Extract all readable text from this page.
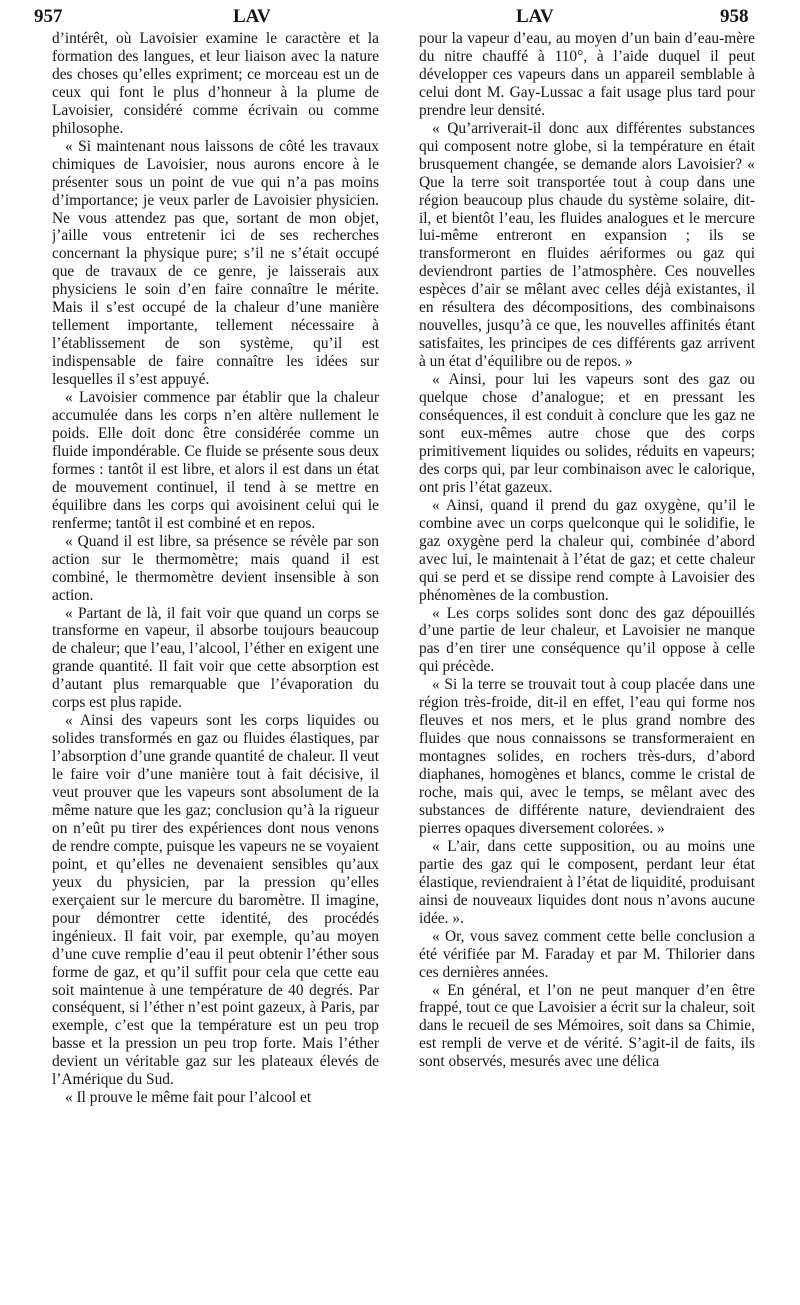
957	LAV	LAV	958

d’intérêt, où Lavoisier examine le caractère et la formation des langues, et leur liaison avec la nature des choses qu’elles expriment; ce morceau est un de ceux qui font le plus d’honneur à la plume de Lavoisier, considéré comme écrivain ou comme philosophe.

« Si maintenant nous laissons de côté les travaux chimiques de Lavoisier, nous aurons encore à le présenter sous un point de vue qui n’a pas moins d’importance; je veux parler de Lavoisier physicien. Ne vous attendez pas que, sortant de mon objet, j’aille vous entretenir ici de ses recherches concernant la physique pure; s’il ne s’était occupé que de travaux de ce genre, je laisserais aux physiciens le soin d’en faire connaître le mérite. Mais il s’est occupé de la chaleur d’une manière tellement importante, tellement nécessaire à l’établissement de son système, qu’il est indispensable de faire connaître les idées sur lesquelles il s’est appuyé.

« Lavoisier commence par établir que la chaleur accumulée dans les corps n’en altère nullement le poids. Elle doit donc être considérée comme un fluide impondérable. Ce fluide se présente sous deux formes : tantôt il est libre, et alors il est dans un état de mouvement continuel, il tend à se mettre en équilibre dans les corps qui avoisinent celui qui le renferme; tantôt il est combiné et en repos.

« Quand il est libre, sa présence se révèle par son action sur le thermomètre; mais quand il est combiné, le thermomètre devient insensible à son action.

« Partant de là, il fait voir que quand un corps se transforme en vapeur, il absorbe toujours beaucoup de chaleur; que l’eau, l’alcool, l’éther en exigent une grande quantité. Il fait voir que cette absorption est d’autant plus remarquable que l’évaporation du corps est plus rapide.

« Ainsi des vapeurs sont les corps liquides ou solides transformés en gaz ou fluides élastiques, par l’absorption d’une grande quantité de chaleur. Il veut le faire voir d’une manière tout à fait décisive, il veut prouver que les vapeurs sont absolument de la même nature que les gaz; conclusion qu’à la rigueur on n’eût pu tirer des expériences dont nous venons de rendre compte, puisque les vapeurs ne se voyaient point, et qu’elles ne devenaient sensibles qu’aux yeux du physicien, par la pression qu’elles exerçaient sur le mercure du baromètre. Il imagine, pour démontrer cette identité, des procédés ingénieux. Il fait voir, par exemple, qu’au moyen d’une cuve remplie d’eau il peut obtenir l’éther sous forme de gaz, et qu’il suffit pour cela que cette eau soit maintenue à une température de 40 degrés. Par conséquent, si l’éther n’est point gazeux, à Paris, par exemple, c’est que la température est un peu trop basse et la pression un peu trop forte. Mais l’éther devient un véritable gaz sur les plateaux élevés de l’Amérique du Sud.

« Il prouve le même fait pour l’alcool et

pour la vapeur d’eau, au moyen d’un bain d’eau-mère du nitre chauffé à 110°, à l’aide duquel il peut développer ces vapeurs dans un appareil semblable à celui dont M. Gay-Lussac a fait usage plus tard pour prendre leur densité.

« Qu’arriverait-il donc aux différentes substances qui composent notre globe, si la température en était brusquement changée, se demande alors Lavoisier? « Que la terre soit transportée tout à coup dans une région beaucoup plus chaude du système solaire, dit-il, et bientôt l’eau, les fluides analogues et le mercure lui-même entreront en expansion ; ils se transformeront en fluides aériformes ou gaz qui deviendront parties de l’atmosphère. Ces nouvelles espèces d’air se mêlant avec celles déjà existantes, il en résultera des décompositions, des combinaisons nouvelles, jusqu’à ce que, les nouvelles affinités étant satisfaites, les principes de ces différents gaz arrivent à un état d’équilibre ou de repos. »

« Ainsi, pour lui les vapeurs sont des gaz ou quelque chose d’analogue; et en pressant les conséquences, il est conduit à conclure que les gaz ne sont eux-mêmes autre chose que des corps primitivement liquides ou solides, réduits en vapeurs; des corps qui, par leur combinaison avec le calorique, ont pris l’état gazeux.

« Ainsi, quand il prend du gaz oxygène, qu’il le combine avec un corps quelconque qui le solidifie, le gaz oxygène perd la chaleur qui, combinée d’abord avec lui, le maintenait à l’état de gaz; et cette chaleur qui se perd et se dissipe rend compte à Lavoisier des phénomènes de la combustion.

« Les corps solides sont donc des gaz dépouillés d’une partie de leur chaleur, et Lavoisier ne manque pas d’en tirer une conséquence qu’il oppose à celle qui précède.

« Si la terre se trouvait tout à coup placée dans une région très-froide, dit-il en effet, l’eau qui forme nos fleuves et nos mers, et le plus grand nombre des fluides que nous connaissons se transformeraient en montagnes solides, en rochers très-durs, d’abord diaphanes, homogènes et blancs, comme le cristal de roche, mais qui, avec le temps, se mêlant avec des substances de différente nature, deviendraient des pierres opaques diversement colorées. »

« L’air, dans cette supposition, ou au moins une partie des gaz qui le composent, perdant leur état élastique, reviendraient à l’état de liquidité, produisant ainsi de nouveaux liquides dont nous n’avons aucune idée. ».

« Or, vous savez comment cette belle conclusion a été vérifiée par M. Faraday et par M. Thilorier dans ces dernières années.

« En général, et l’on ne peut manquer d’en être frappé, tout ce que Lavoisier a écrit sur la chaleur, soit dans le recueil de ses Mémoires, soit dans sa Chimie, est rempli de verve et de vérité. S’agit-il de faits, ils sont observés, mesurés avec une délica
